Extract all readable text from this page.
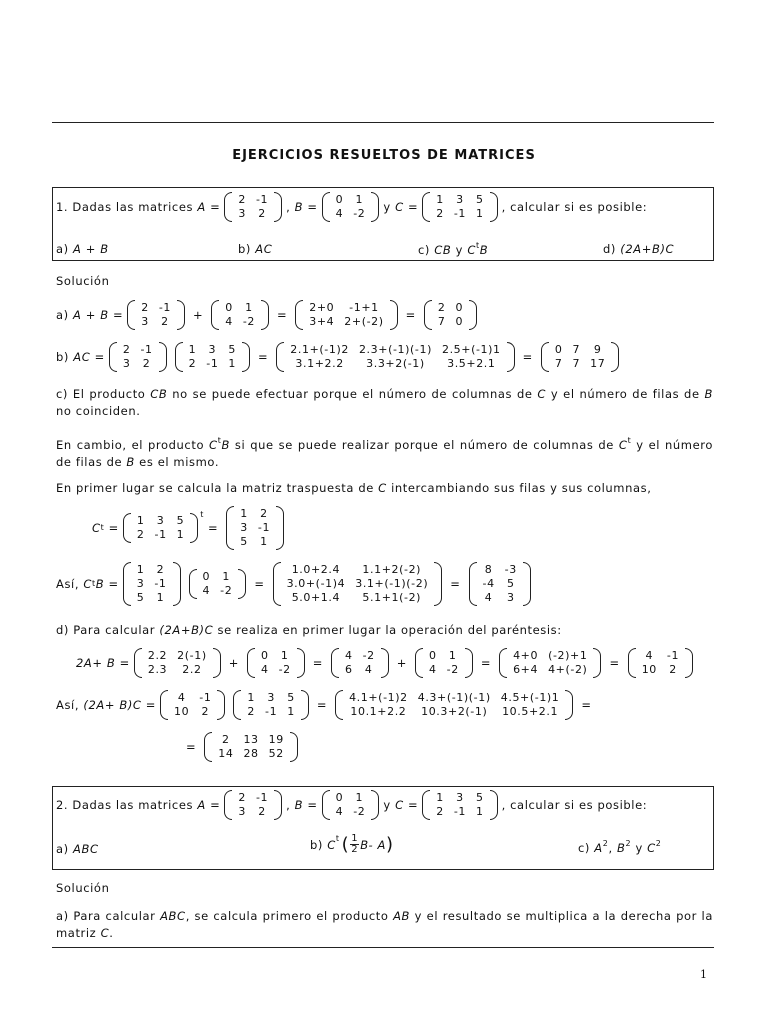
EJERCICIOS RESUELTOS DE MATRICES
1. Dadas las matrices
A =
2	-1
3	2 , B =
0	1
4	-2 y
C =
1	3	5
2	-1	1 , calcular si es posible:
a) A + B	b) AC	c) CB y $C^tB$	d) (2A+B)C
Solución
a)
A + B =
2	-1
3	2 +
0	1
4	-2 =
2+0	-1+1
3+4	2+(-2) =
2	0
7	0
b)
AC =
2	-1
3	2
1	3	5
2	-1	1 =
2.1+(-1)2	2.3+(-1)(-1)	2.5+(-1)1
3.1+2.2	3.3+2(-1)	3.5+2.1 =
0	7	9
7	7	17
c) El producto CB no se puede efectuar porque el número de columnas de C y el número de filas de B no coinciden.
En cambio, el producto $C^tB$ si que se puede realizar porque el número de columnas de $C^t$ y el número de filas de B es el mismo.
En primer lugar se calcula la matriz traspuesta de C intercambiando sus filas y sus columnas,
$C^t$ =
1	3	5
2	-1	1
$^t$
=
1	2
3	-1
5	1
Así,
$C^t$ B =
1	2
3	-1
5	1
0	1
4	-2 =
1.0+2.4	1.1+2(-2)
3.0+(-1)4	3.1+(-1)(-2)
5.0+1.4	5.1+1(-2)
=
8	-3
-4	5
4	3
d) Para calcular (2A+B)C se realiza en primer lugar la operación del paréntesis:
2A+ B =
2.2	2(-1)
2.3	2.2 +
0	1
4	-2 =
4	-2
6	4 +
0	1
4	-2 =
4+0	(-2)+1
6+4	4+(-2) =
4	-1
10	2
Así,
(2A+ B)C =
4	-1
10	2
1	3	5
2	-1	1 =
4.1+(-1)2	4.3+(-1)(-1)	4.5+(-1)1
10.1+2.2	10.3+2(-1)	10.5+2.1 =
=
2	13	19
14	28	52
2. Dadas las matrices
A =
2	-1
3	2 , B =
0	1
4	-2 y
C =
1	3	5
2	-1	1 , calcular si es posible:
a) ABC	b)
$C^t$ ( $\frac{1}{2} B-$ A )	c) $A^2$, $B^2$ y $C^2$
Solución
a) Para calcular ABC, se calcula primero el producto AB y el resultado se multiplica a la derecha por la matriz C.
1
